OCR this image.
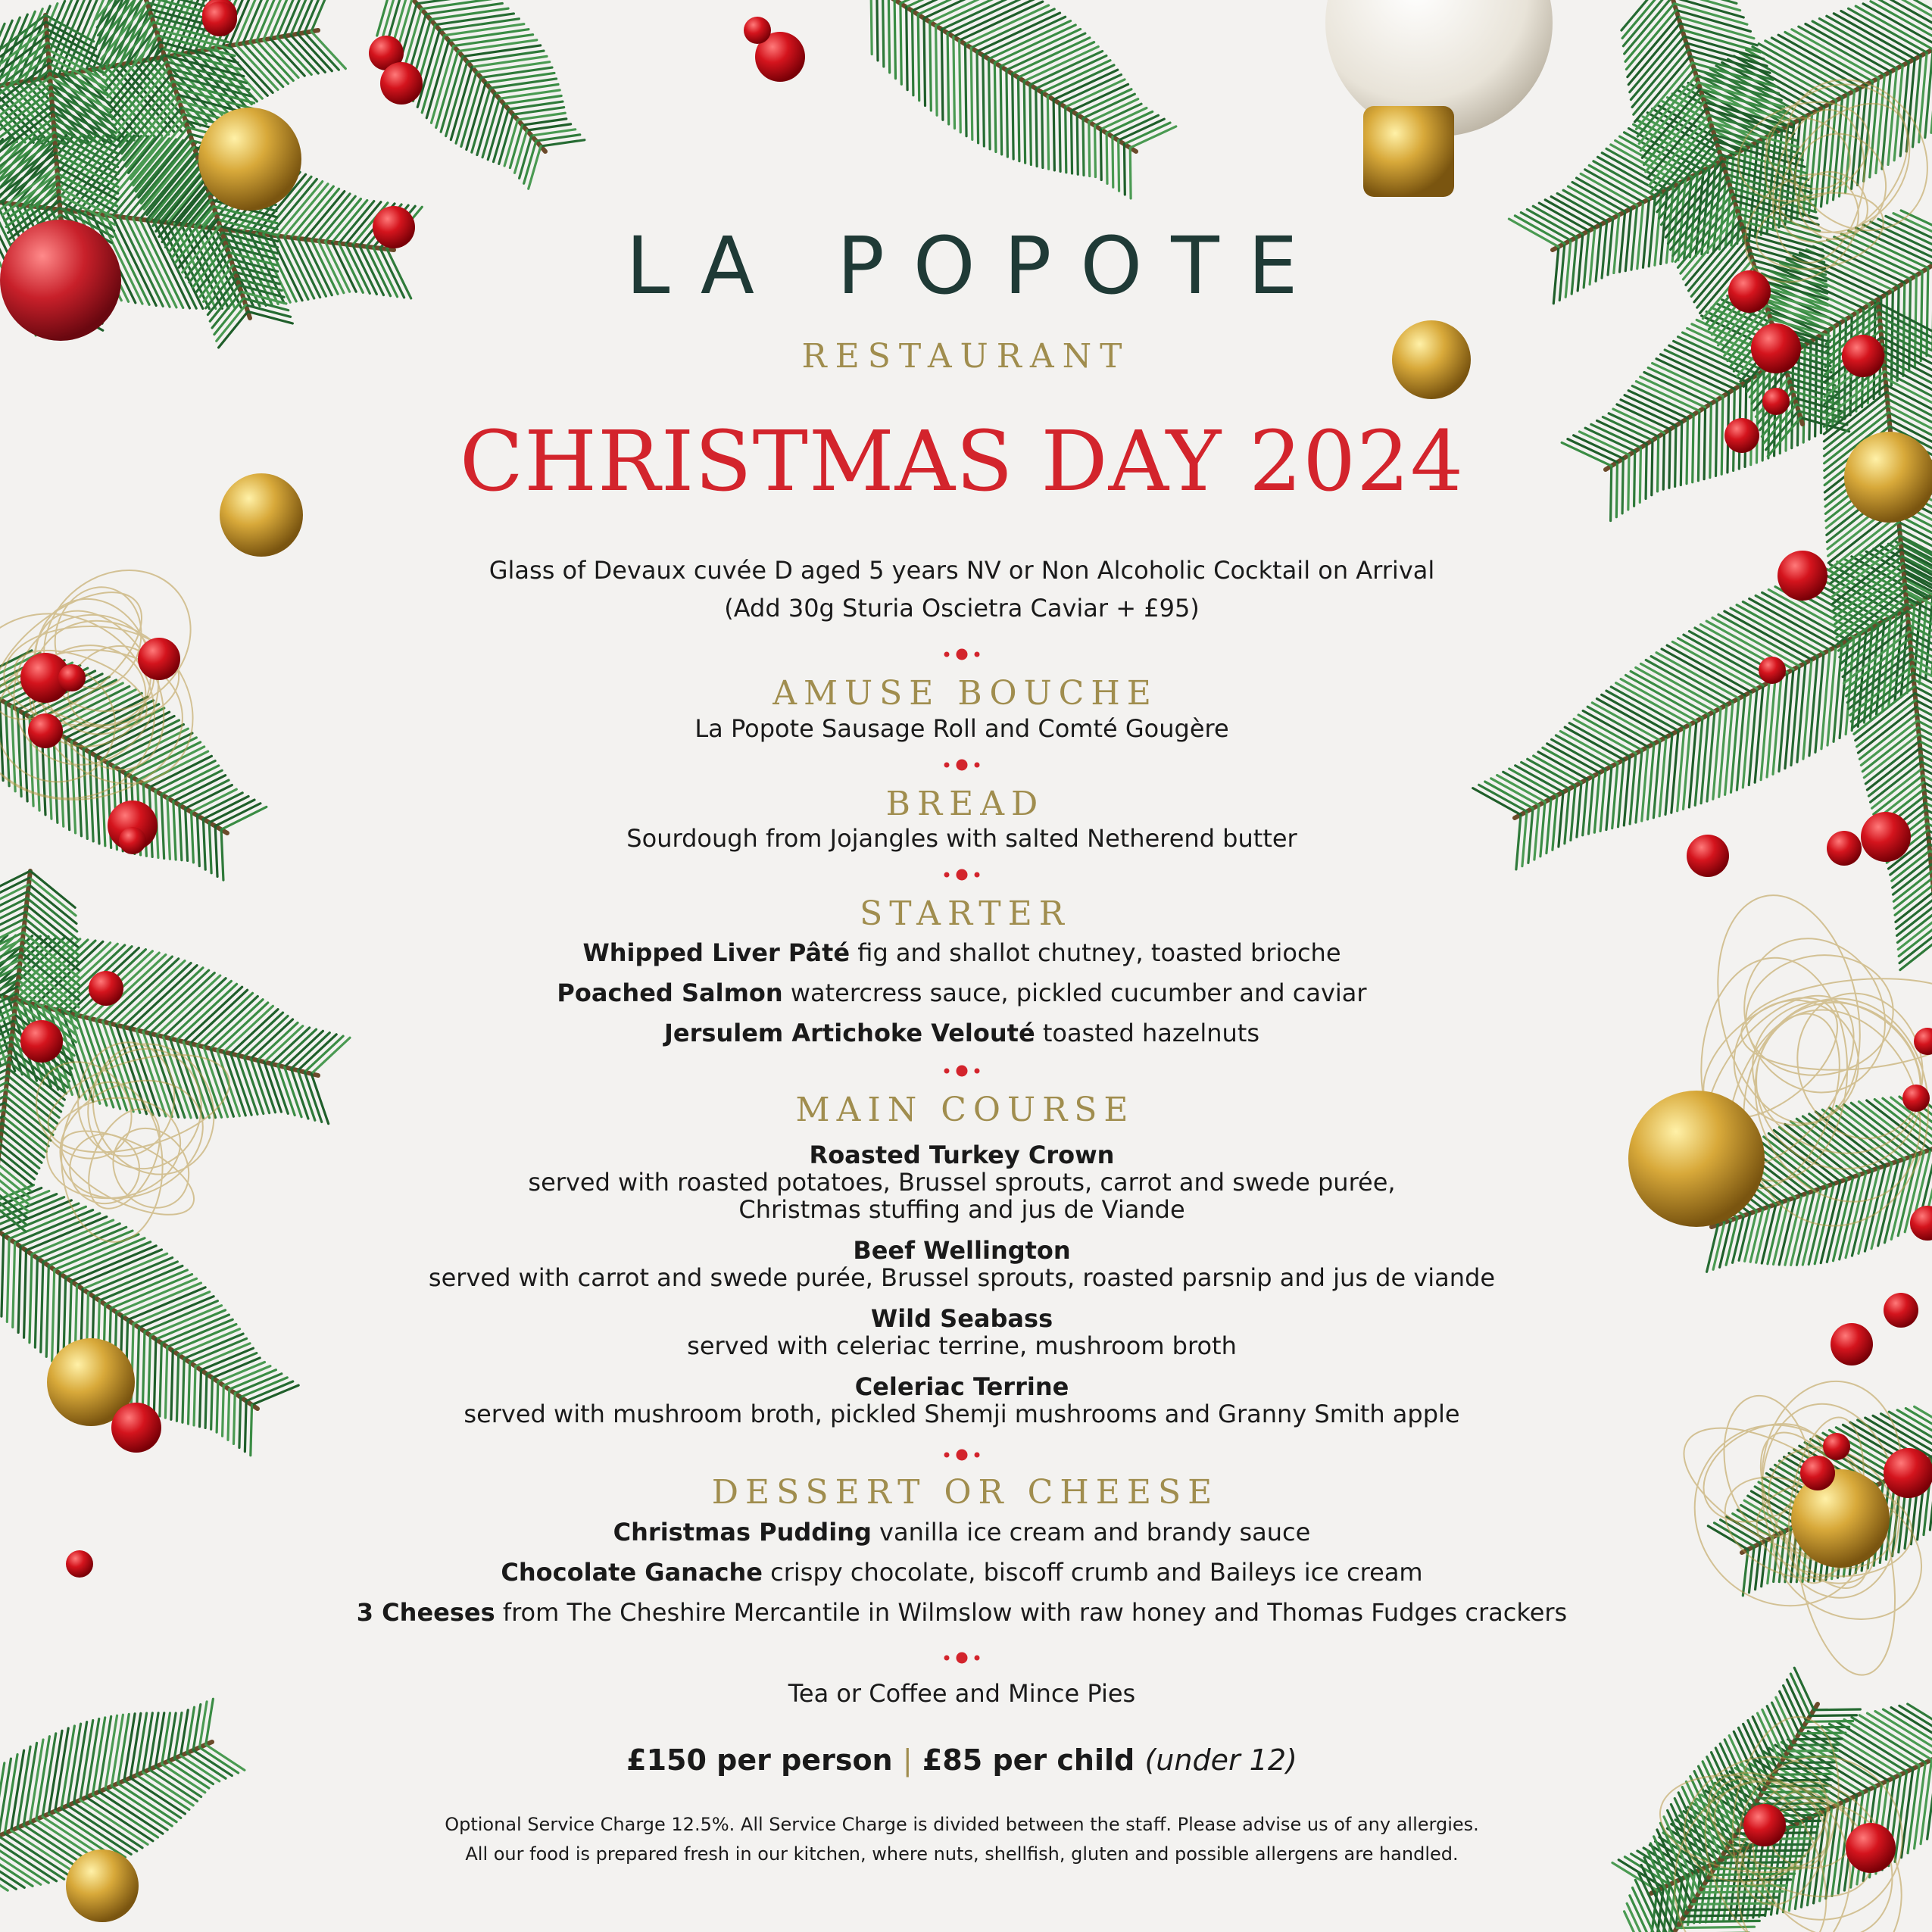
LA POPOTE
RESTAURANT
CHRISTMAS DAY 2024
Glass of Devaux cuvée D aged 5 years NV or Non Alcoholic Cocktail on Arrival
(Add 30g Sturia Oscietra Caviar + £95)
AMUSE BOUCHE
La Popote Sausage Roll and Comté Gougère
BREAD
Sourdough from Jojangles with salted Netherend butter
STARTER
Whipped Liver Pâté fig and shallot chutney, toasted brioche
Poached Salmon watercress sauce, pickled cucumber and caviar
Jersulem Artichoke Velouté toasted hazelnuts
MAIN COURSE
Roasted Turkey Crown
served with roasted potatoes, Brussel sprouts, carrot and swede purée,
Christmas stuffing and jus de Viande
Beef Wellington
served with carrot and swede purée, Brussel sprouts, roasted parsnip and jus de viande
Wild Seabass
served with celeriac terrine, mushroom broth
Celeriac Terrine
served with mushroom broth, pickled Shemji mushrooms and Granny Smith apple
DESSERT OR CHEESE
Christmas Pudding vanilla ice cream and brandy sauce
Chocolate Ganache crispy chocolate, biscoff crumb and Baileys ice cream
3 Cheeses from The Cheshire Mercantile in Wilmslow with raw honey and Thomas Fudges crackers
Tea or Coffee and Mince Pies
£150 per person | £85 per child (under 12)
Optional Service Charge 12.5%. All Service Charge is divided between the staff. Please advise us of any allergies.
All our food is prepared fresh in our kitchen, where nuts, shellfish, gluten and possible allergens are handled.
